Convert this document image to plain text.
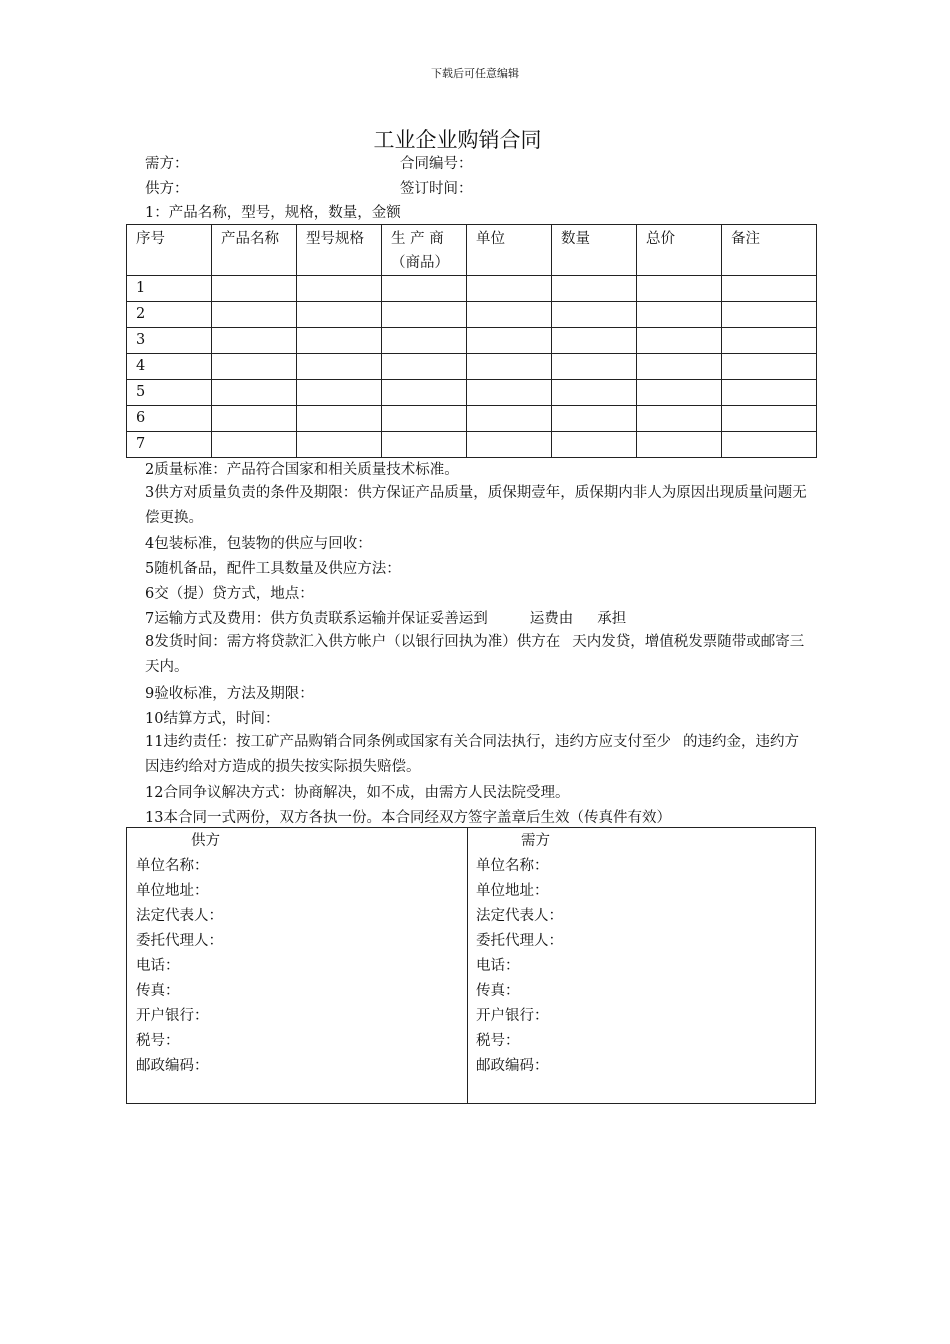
下载后可任意编辑
工业企业购销合同
需方：	合同编号：
供方：	签订时间：
1：产品名称，型号，规格，数量，金额
序号	产品名称	型号规格	生 产 商（商品）	单位	数量	总价	备注
1							
2							
3							
4							
5							
6							
7							
2质量标准：产品符合国家和相关质量技术标准。
3供方对质量负责的条件及期限：供方保证产品质量，质保期壹年，质保期内非人为原因出现质量问题无偿更换。
4包装标准，包装物的供应与回收：
5随机备品，配件工具数量及供应方法：
6交（提）贷方式，地点：
7运输方式及费用：供方负责联系运输并保证妥善运到	运费由 承担
8发货时间：需方将贷款汇入供方帐户（以银行回执为准）供方在 天内发贷，增值税发票随带或邮寄三天内。
9验收标准，方法及期限：
10结算方式，时间：
11违约责任：按工矿产品购销合同条例或国家有关合同法执行，违约方应支付至少 的违约金，违约方因违约给对方造成的损失按实际损失赔偿。
12合同争议解决方式：协商解决，如不成，由需方人民法院受理。
13本合同一式两份，双方各执一份。本合同经双方签字盖章后生效（传真件有效）
供方
单位名称：
单位地址：
法定代表人：
委托代理人：
电话：
传真：
开户银行：
税号：
邮政编码：
需方
单位名称：
单位地址：
法定代表人：
委托代理人：
电话：
传真：
开户银行：
税号：
邮政编码：
